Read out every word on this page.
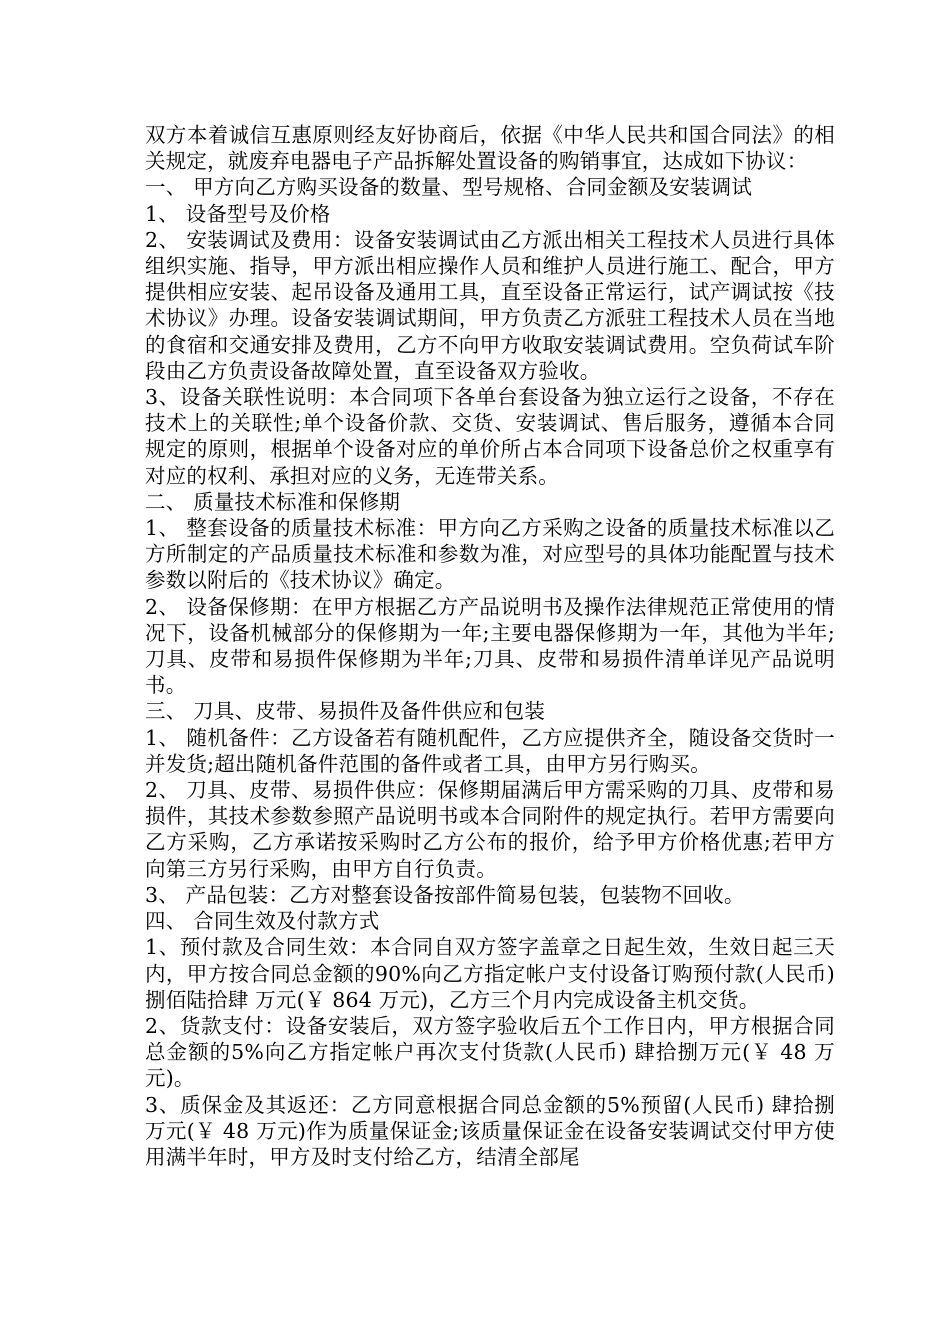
双方本着诚信互惠原则经友好协商后，依据《中华人民共和国合同法》的相关规定，就废弃电器电子产品拆解处置设备的购销事宜，达成如下协议：

一、 甲方向乙方购买设备的数量、型号规格、合同金额及安装调试

1、 设备型号及价格

2、 安装调试及费用：设备安装调试由乙方派出相关工程技术人员进行具体组织实施、指导，甲方派出相应操作人员和维护人员进行施工、配合，甲方提供相应安装、起吊设备及通用工具，直至设备正常运行，试产调试按《技术协议》办理。设备安装调试期间，甲方负责乙方派驻工程技术人员在当地的食宿和交通安排及费用，乙方不向甲方收取安装调试费用。空负荷试车阶段由乙方负责设备故障处置，直至设备双方验收。

3、设备关联性说明：本合同项下各单台套设备为独立运行之设备，不存在技术上的关联性;单个设备价款、交货、安装调试、售后服务，遵循本合同规定的原则，根据单个设备对应的单价所占本合同项下设备总价之权重享有对应的权利、承担对应的义务，无连带关系。

二、 质量技术标准和保修期

1、 整套设备的质量技术标准：甲方向乙方采购之设备的质量技术标准以乙方所制定的产品质量技术标准和参数为准，对应型号的具体功能配置与技术参数以附后的《技术协议》确定。

2、 设备保修期：在甲方根据乙方产品说明书及操作法律规范正常使用的情况下，设备机械部分的保修期为一年;主要电器保修期为一年，其他为半年;刀具、皮带和易损件保修期为半年;刀具、皮带和易损件清单详见产品说明书。

三、 刀具、皮带、易损件及备件供应和包装

1、 随机备件：乙方设备若有随机配件，乙方应提供齐全，随设备交货时一并发货;超出随机备件范围的备件或者工具，由甲方另行购买。

2、 刀具、皮带、易损件供应：保修期届满后甲方需采购的刀具、皮带和易损件，其技术参数参照产品说明书或本合同附件的规定执行。若甲方需要向乙方采购，乙方承诺按采购时乙方公布的报价，给予甲方价格优惠;若甲方向第三方另行采购，由甲方自行负责。

3、 产品包装：乙方对整套设备按部件简易包装，包装物不回收。

四、 合同生效及付款方式

1、预付款及合同生效：本合同自双方签字盖章之日起生效，生效日起三天内，甲方按合同总金额的90%向乙方指定帐户支付设备订购预付款(人民币) 捌佰陆拾肆 万元(￥ 864 万元)，乙方三个月内完成设备主机交货。

2、货款支付：设备安装后，双方签字验收后五个工作日内，甲方根据合同总金额的5%向乙方指定帐户再次支付货款(人民币) 肆拾捌万元(￥ 48 万元)。

3、质保金及其返还：乙方同意根据合同总金额的5%预留(人民币) 肆拾捌 万元(￥ 48 万元)作为质量保证金;该质量保证金在设备安装调试交付甲方使用满半年时，甲方及时支付给乙方，结清全部尾
